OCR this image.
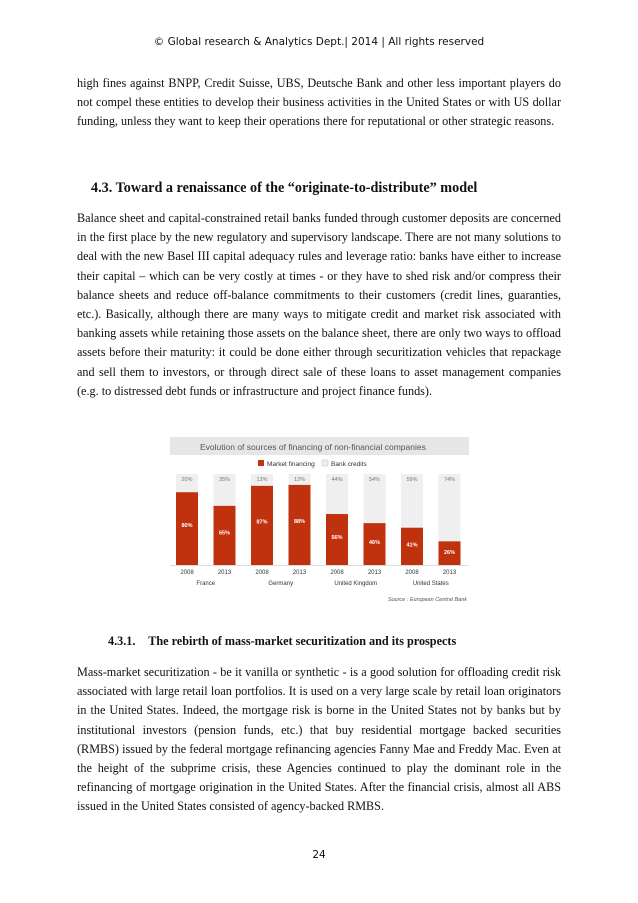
© Global research & Analytics Dept.| 2014 | All rights reserved

high fines against BNPP, Credit Suisse, UBS, Deutsche Bank and other less important players do not compel these entities to develop their business activities in the United States or with US dollar funding, unless they want to keep their operations there for reputational or other strategic reasons.

4.3. Toward a renaissance of the “originate-to-distribute” model

Balance sheet and capital-constrained retail banks funded through customer deposits are concerned in the first place by the new regulatory and supervisory landscape. There are not many solutions to deal with the new Basel III capital adequacy rules and leverage ratio: banks have either to increase their capital – which can be very costly at times - or they have to shed risk and/or compress their balance sheets and reduce off-balance commitments to their customers (credit lines, guaranties, etc.). Basically, although there are many ways to mitigate credit and market risk associated with banking assets while retaining those assets on the balance sheet, there are only two ways to offload assets before their maturity: it could be done either through securitization vehicles that repackage and sell them to investors, or through direct sale of these loans to asset management companies (e.g. to distressed debt funds or infrastructure and project finance funds).

Evolution of sources of financing of non-financial companies
Market financing	Bank credits
20%
80%
2008
35%
65%
2013
13%
87%
2008
12%
88%
2013
44%
56%
2008
54%
46%
2013
59%
41%
2008
74%
26%
2013
France	Germany	United Kingdom	United States
Source : European Central Bank
4.3.1. The rebirth of mass-market securitization and its prospects

Mass-market securitization - be it vanilla or synthetic - is a good solution for offloading credit risk associated with large retail loan portfolios. It is used on a very large scale by retail loan originators in the United States. Indeed, the mortgage risk is borne in the United States not by banks but by institutional investors (pension funds, etc.) that buy residential mortgage backed securities (RMBS) issued by the federal mortgage refinancing agencies Fanny Mae and Freddy Mac. Even at the height of the subprime crisis, these Agencies continued to play the dominant role in the refinancing of mortgage origination in the United States. After the financial crisis, almost all ABS issued in the United States consisted of agency-backed RMBS.

24
